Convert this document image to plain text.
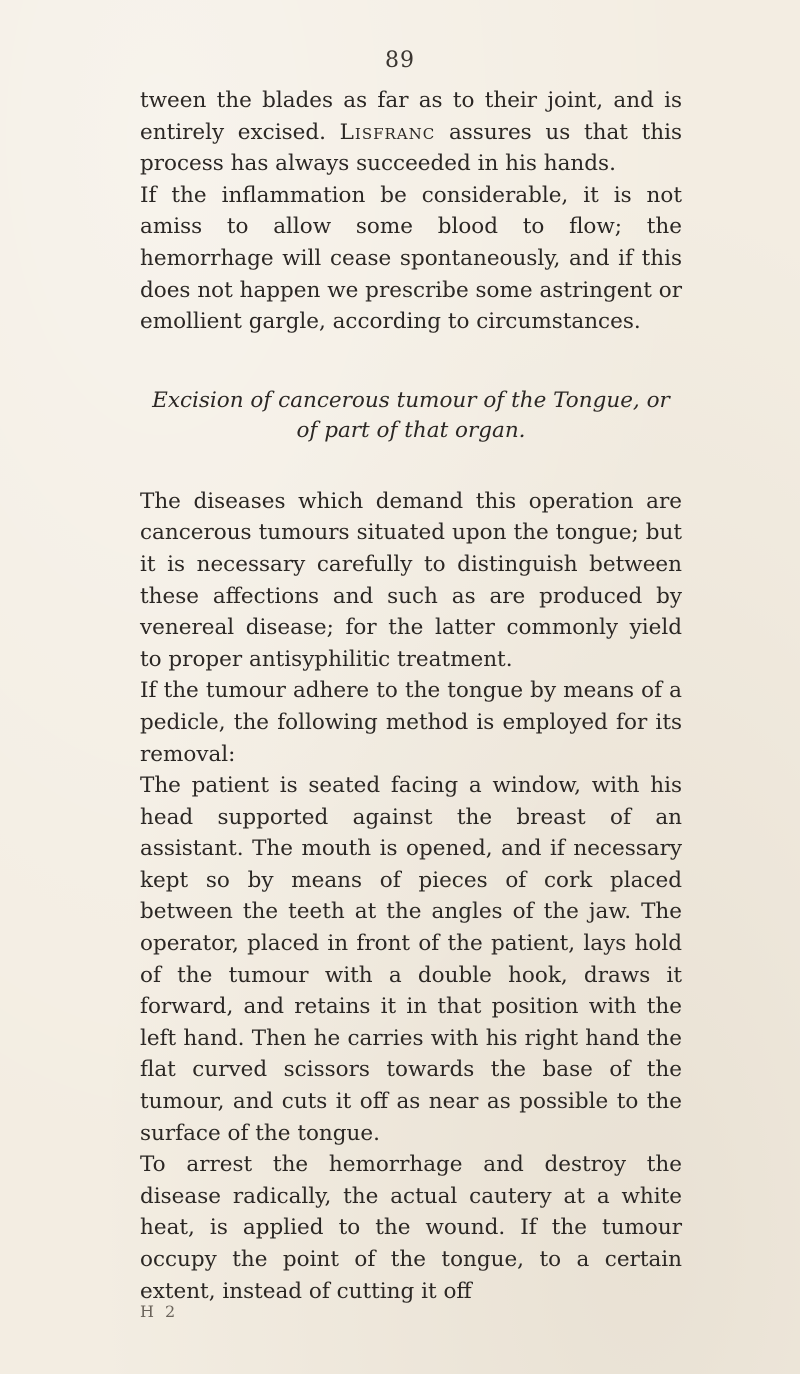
89

tween the blades as far as to their joint, and is entirely excised. Lisfranc assures us that this process has always succeeded in his hands.

If the inflammation be considerable, it is not amiss to allow some blood to flow; the hemorrhage will cease spontaneously, and if this does not happen we prescribe some astringent or emollient gargle, according to circumstances.

Excision of cancerous tumour of the Tongue, or of part of that organ.

The diseases which demand this operation are cancerous tumours situated upon the tongue; but it is necessary carefully to distinguish between these affections and such as are produced by venereal disease; for the latter commonly yield to proper antisyphilitic treatment.

If the tumour adhere to the tongue by means of a pedicle, the following method is employed for its removal:

The patient is seated facing a window, with his head supported against the breast of an assistant. The mouth is opened, and if necessary kept so by means of pieces of cork placed between the teeth at the angles of the jaw. The operator, placed in front of the patient, lays hold of the tumour with a double hook, draws it forward, and retains it in that position with the left hand. Then he carries with his right hand the flat curved scissors towards the base of the tumour, and cuts it off as near as possible to the surface of the tongue.

To arrest the hemorrhage and destroy the disease radically, the actual cautery at a white heat, is applied to the wound. If the tumour occupy the point of the tongue, to a certain extent, instead of cutting it off

H 2
